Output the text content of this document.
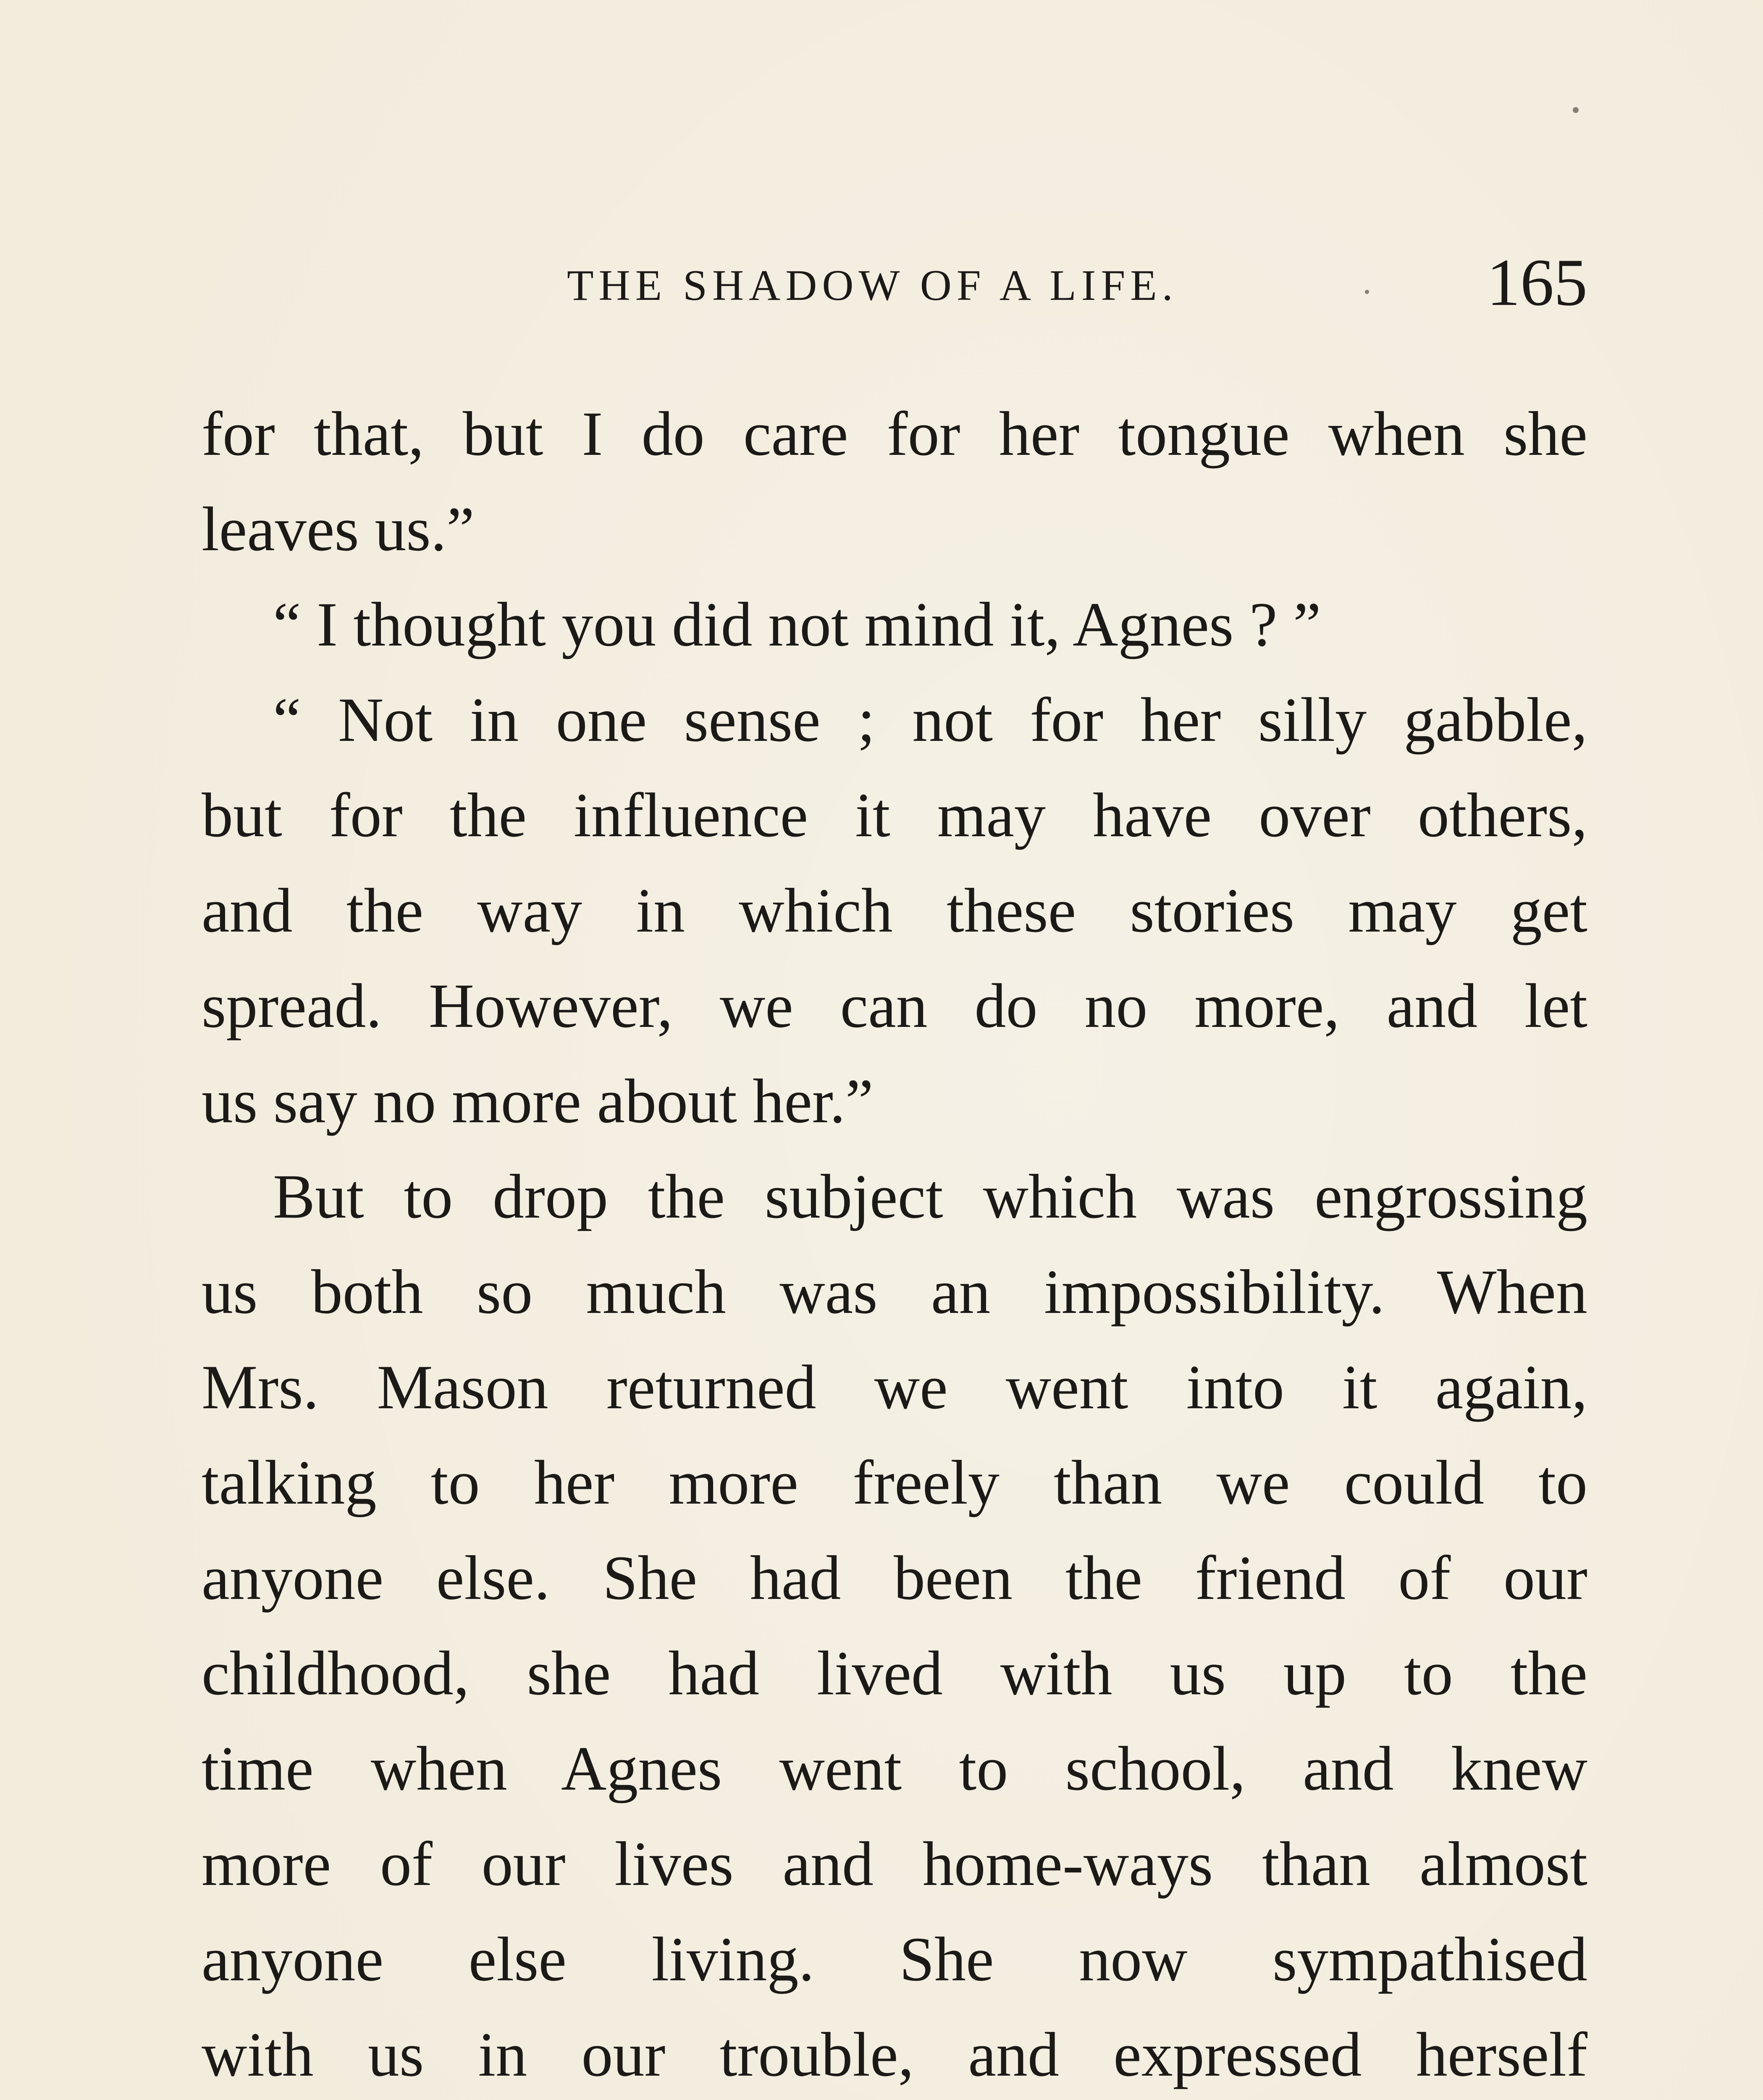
THE SHADOW OF A LIFE.	165
for that, but I do care for her tongue when she
leaves us.”
“ I thought you did not mind it, Agnes ? ”
“ Not in one sense ; not for her silly gabble,
but for the influence it may have over others,
and the way in which these stories may get
spread. However, we can do no more, and let
us say no more about her.”
But to drop the subject which was engrossing
us both so much was an impossibility. When
Mrs. Mason returned we went into it again,
talking to her more freely than we could to
anyone else. She had been the friend of our
childhood, she had lived with us up to the
time when Agnes went to school, and knew
more of our lives and home-ways than almost
anyone else living. She now sympathised
with us in our trouble, and expressed herself
